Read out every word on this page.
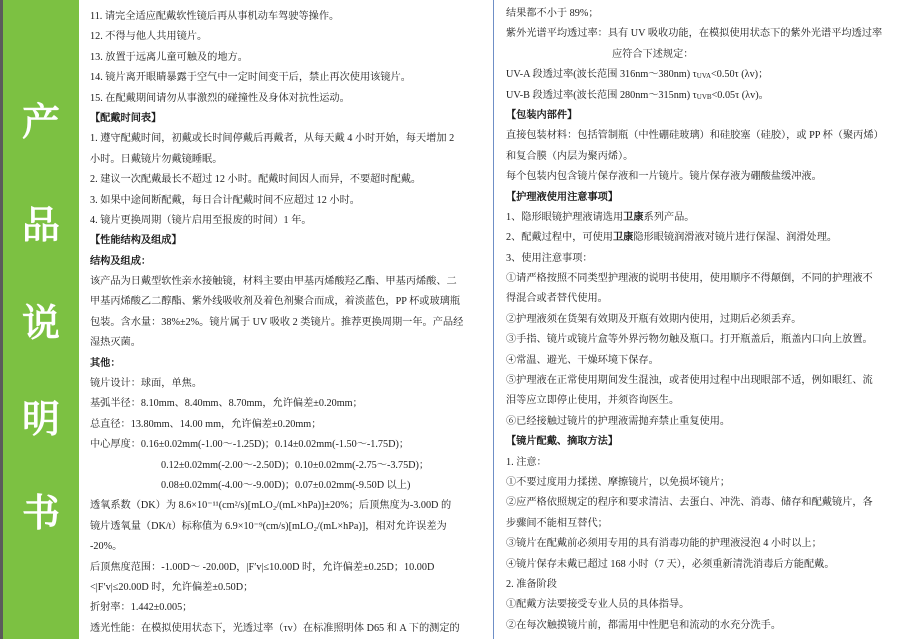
产
品
说
明
书
11. 请完全适应配戴软性镜后再从事机动车驾驶等操作。
12. 不得与他人共用镜片。
13. 放置于远离儿童可触及的地方。
14. 镜片离开眼睛暴露于空气中一定时间变干后，禁止再次使用该镜片。
15. 在配戴期间请勿从事激烈的碰撞性及身体对抗性运动。
【配戴时间表】
1. 遵守配戴时间，初戴或长时间停戴后再戴者，从每天戴 4 小时开始，每天增加 2
小时。日戴镜片勿戴镜睡眠。
2. 建议一次配戴最长不超过 12 小时。配戴时间因人而异，不要超时配戴。
3. 如果中途间断配戴，每日合计配戴时间不应超过 12 小时。
4. 镜片更换周期（镜片启用至报废的时间）1 年。
【性能结构及组成】
结构及组成：
该产品为日戴型软性亲水接触镜，材料主要由甲基丙烯酸羟乙酯、甲基丙烯酸、二
甲基丙烯酸乙二醇酯、紫外线吸收剂及着色剂聚合而成，着淡蓝色，PP 杯或玻璃瓶
包装。含水量：38%±2%。镜片属于 UV 吸收 2 类镜片。推荐更换周期一年。产品经
湿热灭菌。
其他：
镜片设计：球面，单焦。
基弧半径：8.10mm、8.40mm、8.70mm，允许偏差±0.20mm；
总直径：13.80mm、14.00 mm，允许偏差±0.20mm；
中心厚度：0.16±0.02mm(-1.00～-1.25D)；0.14±0.02mm(-1.50～-1.75D)；
0.12±0.02mm(-2.00～-2.50D)；0.10±0.02mm(-2.75～-3.75D)；
0.08±0.02mm(-4.00～-9.00D)；0.07±0.02mm(-9.50D 以上)
透氧系数（DK）为 8.6×10⁻¹¹(cm²/s)[mLO₂/(mL×hPa)]±20%；后顶焦度为-3.00D 的
镜片透氧量（DK/t）标称值为 6.9×10⁻⁹(cm/s)[mLO₂/(mL×hPa)]，相对允许误差为
-20%。
后顶焦度范围：-1.00D～ -20.00D，|F′v|≤10.00D 时，允许偏差±0.25D；10.00D
<|F′v|≤20.00D 时，允许偏差±0.50D；
折射率：1.442±0.005；
透光性能：在模拟使用状态下，光透过率（τv）在标准照明体 D65 和 A 下的测定的
结果都不小于 89%；
紫外光谱平均透过率：具有 UV 吸收功能，在模拟使用状态下的紫外光谱平均透过率
应符合下述规定：
UV-A 段透过率(波长范围 316nm～380nm) τUVA<0.50τ (λv)；
UV-B 段透过率(波长范围 280nm～315nm) τUVB<0.05τ (λv)。
【包装内部件】
直接包装材料：包括管制瓶（中性硼硅玻璃）和硅胶塞（硅胶），或 PP 杯（聚丙烯）
和复合膜（内层为聚丙烯）。
每个包装内包含镜片保存液和一片镜片。镜片保存液为硼酸盐缓冲液。
【护理液使用注意事项】
1、隐形眼镜护理液请选用卫康系列产品。
2、配戴过程中，可使用卫康隐形眼镜润滑液对镜片进行保湿、润滑处理。
3、使用注意事项：
①请严格按照不同类型护理液的说明书使用，使用顺序不得颠倒，不同的护理液不
得混合或者替代使用。
②护理液须在货架有效期及开瓶有效期内使用，过期后必须丢弃。
③手指、镜片或镜片盒等外界污物勿触及瓶口。打开瓶盖后，瓶盖内口向上放置。
④常温、避光、干燥环境下保存。
⑤护理液在正常使用期间发生混浊，或者使用过程中出现眼部不适，例如眼红、流
泪等应立即停止使用，并须咨询医生。
⑥已经接触过镜片的护理液需抛弃禁止重复使用。
【镜片配戴、摘取方法】
1. 注意：
①不要过度用力揉搓、摩擦镜片，以免损坏镜片；
②应严格依照规定的程序和要求清洁、去蛋白、冲洗、消毒、储存和配戴镜片，各
步骤间不能相互替代；
③镜片在配戴前必须用专用的具有消毒功能的护理液浸泡 4 小时以上；
④镜片保存未戴已超过 168 小时（7 天），必须重新清洗消毒后方能配戴。
2. 准备阶段
①配戴方法要接受专业人员的具体指导。
②在每次触摸镜片前，都需用中性肥皂和流动的水充分洗手。
